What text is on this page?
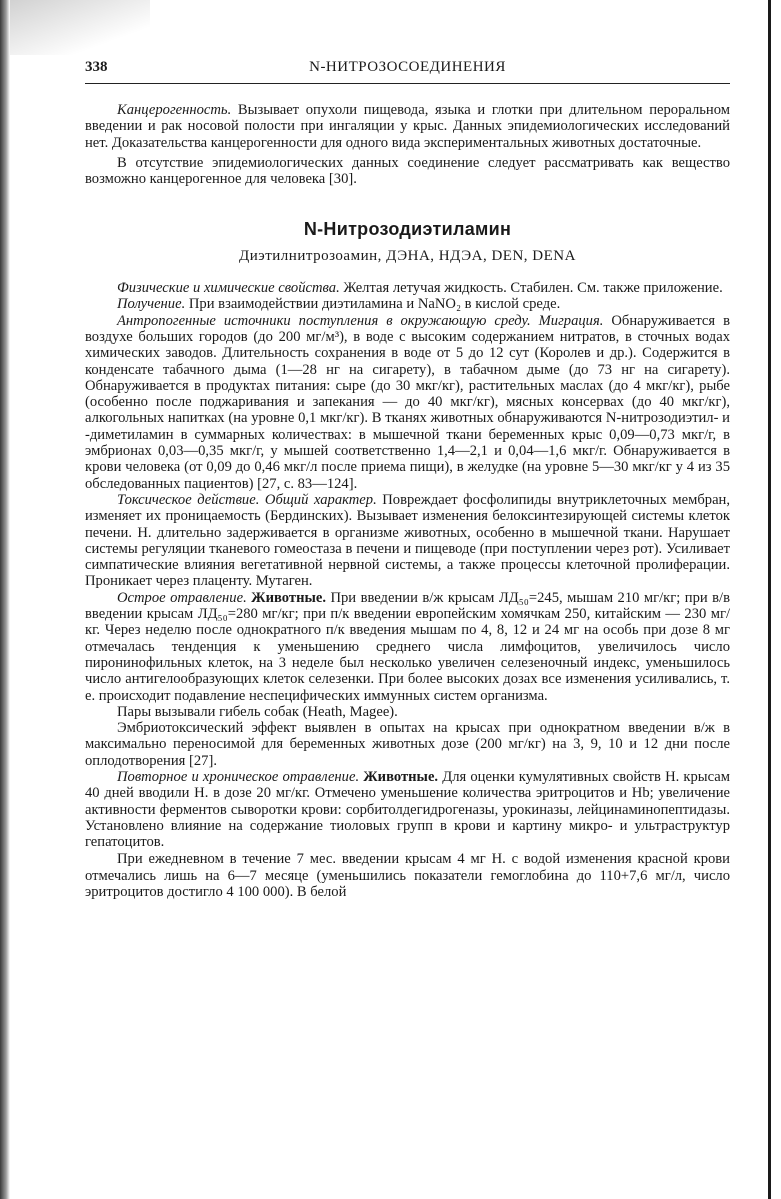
338	N-НИТРОЗОСОЕДИНЕНИЯ

Канцерогенность. Вызывает опухоли пищевода, языка и глотки при длительном пероральном введении и рак носовой полости при ингаляции у крыс. Данных эпидемиологических исследований нет. Доказательства канцерогенности для одного вида экспериментальных животных достаточные.

В отсутствие эпидемиологических данных соединение следует рассматривать как вещество возможно канцерогенное для человека [30].

N-Нитрозодиэтиламин
Диэтилнитрозоамин, ДЭНА, НДЭА, DEN, DENA

Физические и химические свойства. Желтая летучая жидкость. Стабилен. См. также приложение.

Получение. При взаимодействии диэтиламина и NaNO₂ в кислой среде.

Антропогенные источники поступления в окружающую среду. Миграция. Обнаруживается в воздухе больших городов (до 200 мг/м³), в воде с высоким содержанием нитратов, в сточных водах химических заводов. Длительность сохранения в воде от 5 до 12 сут (Королев и др.). Содержится в конденсате табачного дыма (1—28 нг на сигарету), в табачном дыме (до 73 нг на сигарету). Обнаруживается в продуктах питания: сыре (до 30 мкг/кг), растительных маслах (до 4 мкг/кг), рыбе (особенно после поджаривания и запекания — до 40 мкг/кг), мясных консервах (до 40 мкг/кг), алкогольных напитках (на уровне 0,1 мкг/кг). В тканях животных обнаруживаются N-нитрозодиэтил- и -диметиламин в суммарных количествах: в мышечной ткани беременных крыс 0,09—0,73 мкг/г, в эмбрионах 0,03—0,35 мкг/г, у мышей соответственно 1,4—2,1 и 0,04—1,6 мкг/г. Обнаруживается в крови человека (от 0,09 до 0,46 мкг/л после приема пищи), в желудке (на уровне 5—30 мкг/кг у 4 из 35 обследованных пациентов) [27, с. 83—124].

Токсическое действие. Общий характер. Повреждает фосфолипиды внутриклеточных мембран, изменяет их проницаемость (Бердинских). Вызывает изменения белоксинтезирующей системы клеток печени. Н. длительно задерживается в организме животных, особенно в мышечной ткани. Нарушает системы регуляции тканевого гомеостаза в печени и пищеводе (при поступлении через рот). Усиливает симпатические влияния вегетативной нервной системы, а также процессы клеточной пролиферации. Проникает через плаценту. Мутаген.

Острое отравление. Животные. При введении в/ж крысам ЛД₅₀=245, мышам 210 мг/кг; при в/в введении крысам ЛД₅₀=280 мг/кг; при п/к введении европейским хомячкам 250, китайским — 230 мг/кг. Через неделю после однократного п/к введения мышам по 4, 8, 12 и 24 мг на особь при дозе 8 мг отмечалась тенденция к уменьшению среднего числа лимфоцитов, увеличилось число пиронинофильных клеток, на 3 неделе был несколько увеличен селезеночный индекс, уменьшилось число антигелообразующих клеток селезенки. При более высоких дозах все изменения усиливались, т. е. происходит подавление неспецифических иммунных систем организма.

Пары вызывали гибель собак (Heath, Magee).

Эмбриотоксический эффект выявлен в опытах на крысах при однократном введении в/ж в максимально переносимой для беременных животных дозе (200 мг/кг) на 3, 9, 10 и 12 дни после оплодотворения [27].

Повторное и хроническое отравление. Животные. Для оценки кумулятивных свойств Н. крысам 40 дней вводили Н. в дозе 20 мг/кг. Отмечено уменьшение количества эритроцитов и Hb; увеличение активности ферментов сыворотки крови: сорбитолдегидрогеназы, урокиназы, лейцинаминопептидазы. Установлено влияние на содержание тиоловых групп в крови и картину микро- и ультраструктур гепатоцитов.

При ежедневном в течение 7 мес. введении крысам 4 мг Н. с водой изменения красной крови отмечались лишь на 6—7 месяце (уменьшились показатели гемоглобина до 110+7,6 мг/л, число эритроцитов достигло 4 100 000). В белой
